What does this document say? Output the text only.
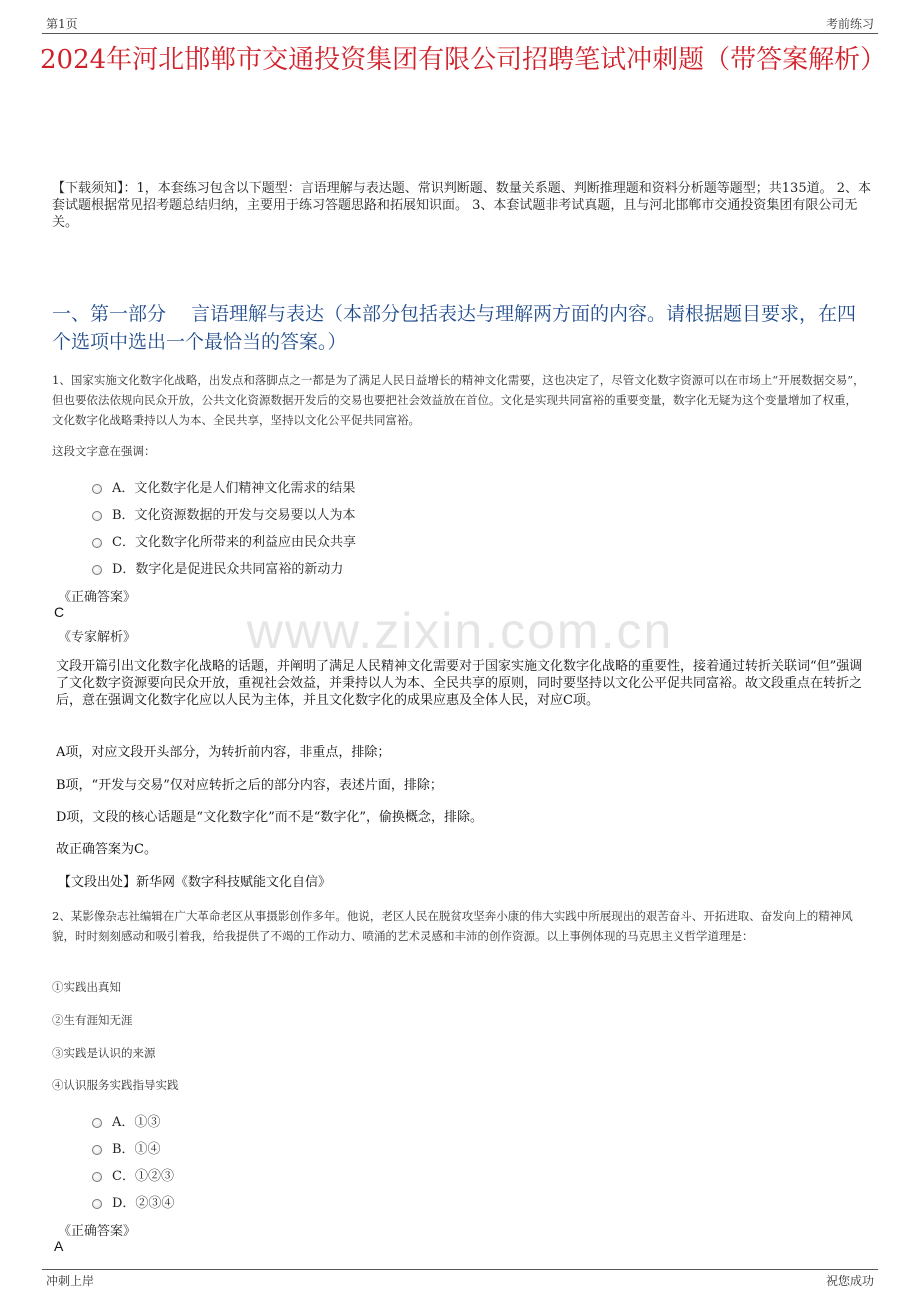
第1页	考前练习
2024年河北邯郸市交通投资集团有限公司招聘笔试冲刺题（带答案解析）
【下载须知】：1，本套练习包含以下题型：言语理解与表达题、常识判断题、数量关系题、判断推理题和资料分析题等题型；共135道。 2、本套试题根据常见招考题总结归纳，主要用于练习答题思路和拓展知识面。 3、本套试题非考试真题，且与河北邯郸市交通投资集团有限公司无关。
一、第一部分　 言语理解与表达（本部分包括表达与理解两方面的内容。请根据题目要求，在四个选项中选出一个最恰当的答案。）
www.zixin.com.cn
1、国家实施文化数字化战略，出发点和落脚点之一都是为了满足人民日益增长的精神文化需要，这也决定了，尽管文化数字资源可以在市场上“开展数据交易”，但也要依法依规向民众开放，公共文化资源数据开发后的交易也要把社会效益放在首位。文化是实现共同富裕的重要变量，数字化无疑为这个变量增加了权重，文化数字化战略秉持以人为本、全民共享，坚持以文化公平促共同富裕。
这段文字意在强调：
A．文化数字化是人们精神文化需求的结果
B．文化资源数据的开发与交易要以人为本
C．文化数字化所带来的利益应由民众共享
D．数字化是促进民众共同富裕的新动力
《正确答案》
C
《专家解析》
文段开篇引出文化数字化战略的话题，并阐明了满足人民精神文化需要对于国家实施文化数字化战略的重要性，接着通过转折关联词“但”强调了文化数字资源要向民众开放，重视社会效益，并秉持以人为本、全民共享的原则，同时要坚持以文化公平促共同富裕。故文段重点在转折之后，意在强调文化数字化应以人民为主体，并且文化数字化的成果应惠及全体人民，对应C项。
A项，对应文段开头部分，为转折前内容，非重点，排除；
B项，“开发与交易”仅对应转折之后的部分内容，表述片面，排除；
D项，文段的核心话题是“文化数字化”而不是“数字化”，偷换概念，排除。
故正确答案为C。
【文段出处】新华网《数字科技赋能文化自信》
2、某影像杂志社编辑在广大革命老区从事摄影创作多年。他说，老区人民在脱贫攻坚奔小康的伟大实践中所展现出的艰苦奋斗、开拓进取、奋发向上的精神风貌，时时刻刻感动和吸引着我，给我提供了不竭的工作动力、喷涌的艺术灵感和丰沛的创作资源。以上事例体现的马克思主义哲学道理是：
①实践出真知
②生有涯知无涯
③实践是认识的来源
④认识服务实践指导实践
A．①③
B．①④
C．①②③
D．②③④
《正确答案》
A
冲刺上岸	祝您成功
